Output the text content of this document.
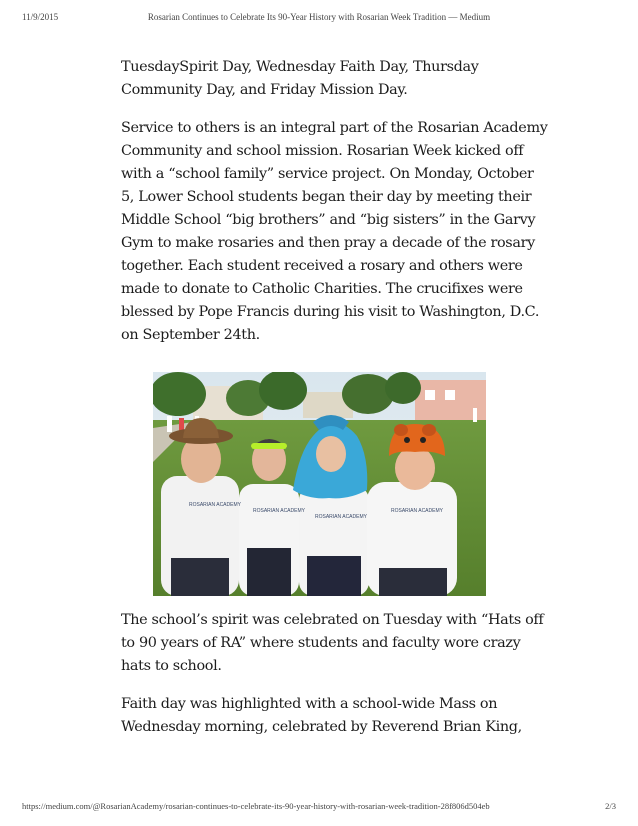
11/9/2015	Rosarian Continues to Celebrate Its 90-Year History with Rosarian Week Tradition — Medium

TuesdaySpirit Day, Wednesday Faith Day, Thursday
Community Day, and Friday Mission Day.

Service to others is an integral part of the Rosarian Academy
Community and school mission. Rosarian Week kicked off
with a “school family” service project. On Monday, October
5, Lower School students began their day by meeting their
Middle School “big brothers” and “big sisters” in the Garvy
Gym to make rosaries and then pray a decade of the rosary
together. Each student received a rosary and others were
made to donate to Catholic Charities. The crucifixes were
blessed by Pope Francis during his visit to Washington, D.C.
on September 24th.

The school’s spirit was celebrated on Tuesday with “Hats off
to 90 years of RA” where students and faculty wore crazy
hats to school.

Faith day was highlighted with a school-wide Mass on
Wednesday morning, celebrated by Reverend Brian King,

ROSARIAN ACADEMY
ROSARIAN ACADEMY
ROSARIAN ACADEMY
ROSARIAN ACADEMY
https://medium.com/@RosarianAcademy/rosarian-continues-to-celebrate-its-90-year-history-with-rosarian-week-tradition-28f806d504eb	2/3
